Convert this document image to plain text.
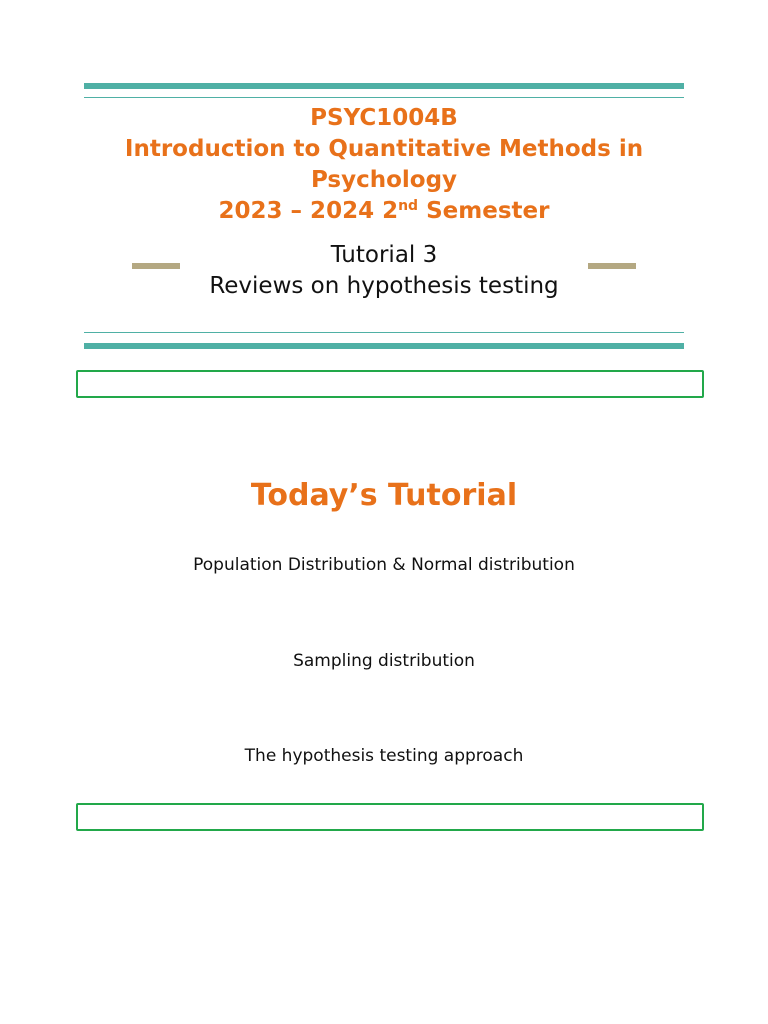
PSYC1004B
Introduction to Quantitative Methods in
Psychology
2023 – 2024 2nd Semester
Tutorial 3
Reviews on hypothesis testing
Today’s Tutorial
Population Distribution & Normal distribution
Sampling distribution
The hypothesis testing approach
